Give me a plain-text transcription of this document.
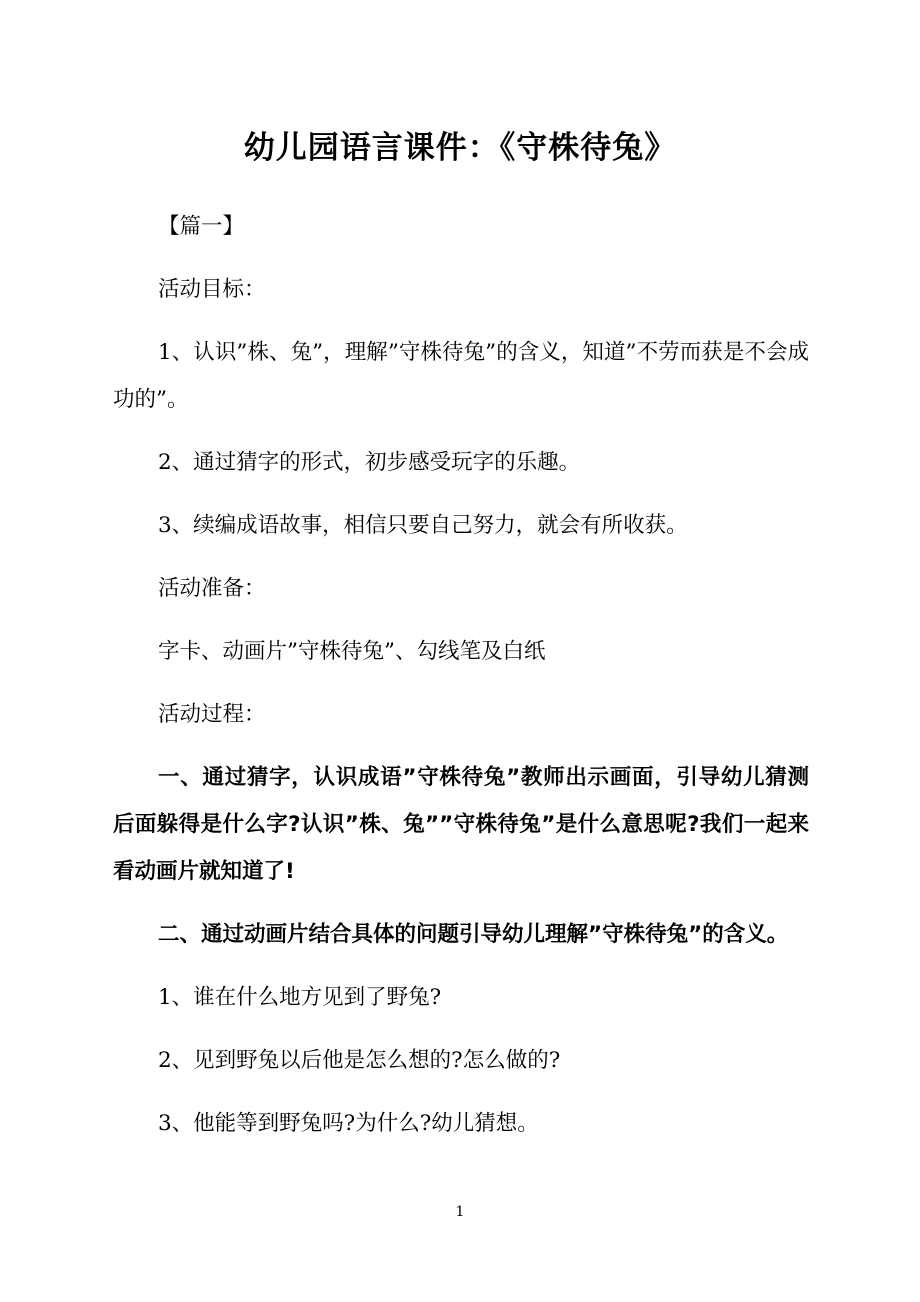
幼儿园语言课件：《守株待兔》

【篇一】

活动目标：

1、认识”株、兔”，理解”守株待兔”的含义，知道”不劳而获是不会成功的”。

2、通过猜字的形式，初步感受玩字的乐趣。

3、续编成语故事，相信只要自己努力，就会有所收获。

活动准备：

字卡、动画片”守株待兔”、勾线笔及白纸

活动过程：

一、通过猜字，认识成语”守株待兔”教师出示画面，引导幼儿猜测后面躲得是什么字?认识”株、兔””守株待兔”是什么意思呢?我们一起来看动画片就知道了!

二、通过动画片结合具体的问题引导幼儿理解”守株待兔”的含义。

1、谁在什么地方见到了野兔?

2、见到野兔以后他是怎么想的?怎么做的?

3、他能等到野兔吗?为什么?幼儿猜想。

1
